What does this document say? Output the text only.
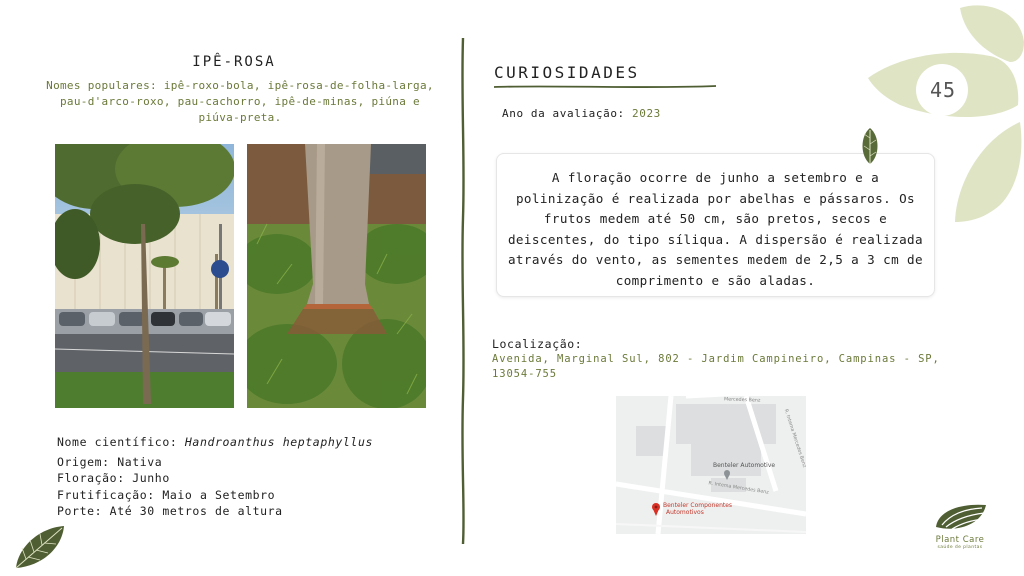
IPÊ-ROSA
Nomes populares: ipê-roxo-bola, ipê-rosa-de-folha-larga, pau-d'arco-roxo, pau-cachorro, ipê-de-minas, piúna e piúva-preta.
Nome científico: Handroanthus heptaphyllus
Origem: Nativa
Floração: Junho
Frutificação: Maio a Setembro
Porte: Até 30 metros de altura
CURIOSIDADES
Ano da avaliação: 2023

A floração ocorre de junho a setembro e a polinização é realizada por abelhas e pássaros. Os frutos medem até 50 cm, são pretos, secos e deiscentes, do tipo síliqua. A dispersão é realizada através do vento, as sementes medem de 2,5 a 3 cm de comprimento e são aladas.

Localização:
Avenida, Marginal Sul, 802 - Jardim Campineiro, Campinas - SP, 13054-755
Benteler Automotive
Benteler Componentes
Automotivos
R. Intema Mercedes Benz
R. Intema Mercedes Benz
Mercedes Benz
45
Plant Care
saúde de plantas
